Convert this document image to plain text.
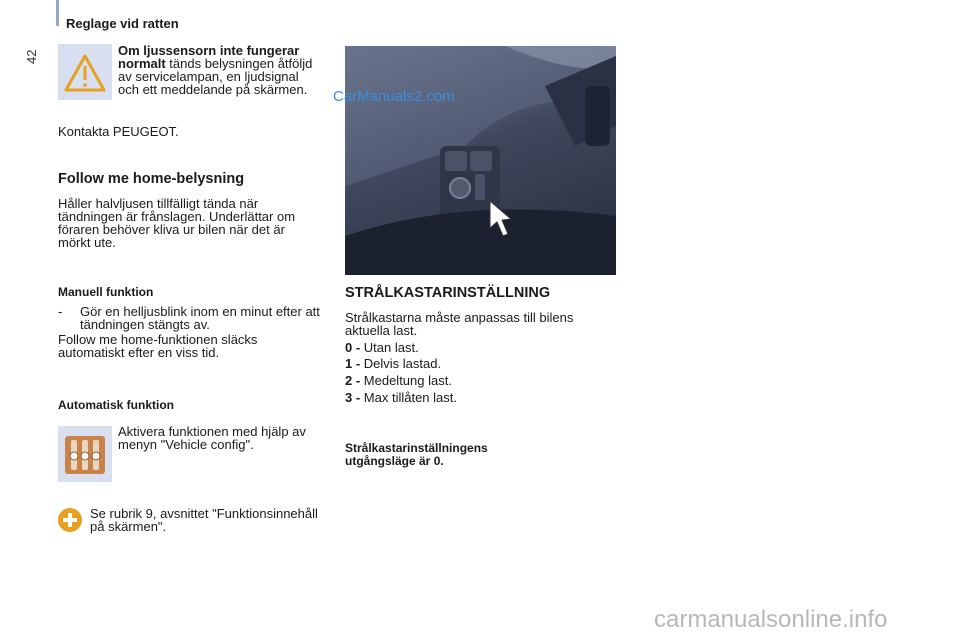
42
Reglage vid ratten
Om ljussensorn inte fungerar normalt tänds belysningen åtföljd av servicelampan, en ljudsignal och ett meddelande på skärmen.
Kontakta PEUGEOT.
Follow me home-belysning
Håller halvljusen tillfälligt tända när tändningen är frånslagen. Underlättar om föraren behöver kliva ur bilen när det är mörkt ute.
Manuell funktion
- Gör en helljusblink inom en minut efter att tändningen stängts av.
Follow me home-funktionen släcks automatiskt efter en viss tid.
Automatisk funktion
Aktivera funktionen med hjälp av menyn "Vehicle config".
Se rubrik 9, avsnittet "Funktionsinnehåll på skärmen".
CarManuals2.com
STRÅLKASTARINSTÄLLNING
Strålkastarna måste anpassas till bilens aktuella last.
0 - Utan last.
1 - Delvis lastad.
2 - Medeltung last.
3 - Max tillåten last.
Strålkastarinställningens utgångsläge är 0.
carmanualsonline.info
